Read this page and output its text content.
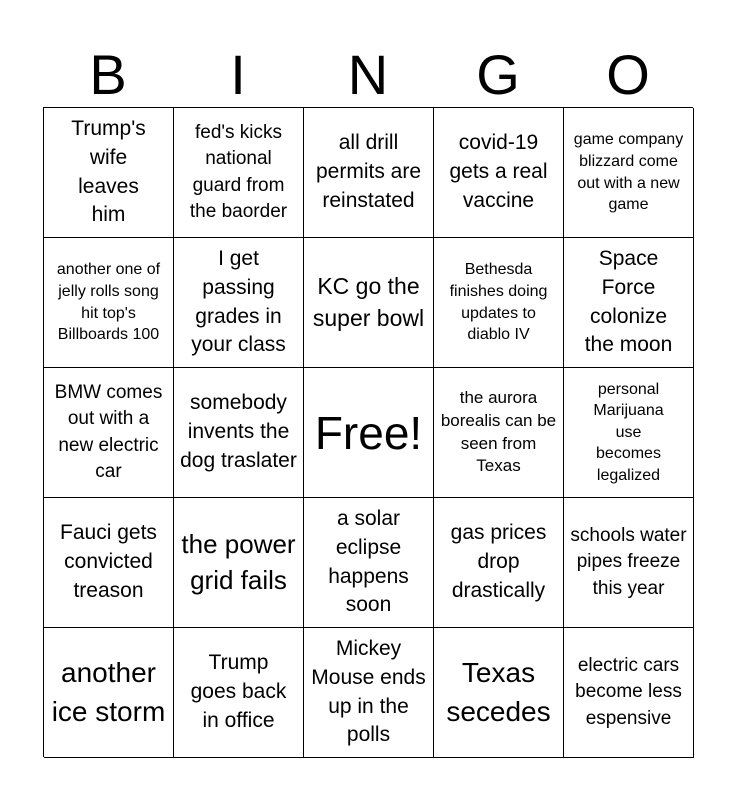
B	I	N	G	O
Trump's wife leaves him
fed's kicks national guard from the baorder
all drill permits are reinstated
covid-19 gets a real vaccine
game company blizzard come out with a new game
another one of jelly rolls song hit top's Billboards 100
I get passing grades in your class
KC go the super bowl
Bethesda finishes doing updates to diablo IV
Space Force colonize the moon
BMW comes out with a new electric car
somebody invents the dog traslater
Free!
the aurora borealis can be seen from Texas
personal Marijuana use becomes legalized
Fauci gets convicted treason
the power grid fails
a solar eclipse happens soon
gas prices drop drastically
schools water pipes freeze this year
another ice storm
Trump goes back in office
Mickey Mouse ends up in the polls
Texas secedes
electric cars become less espensive
